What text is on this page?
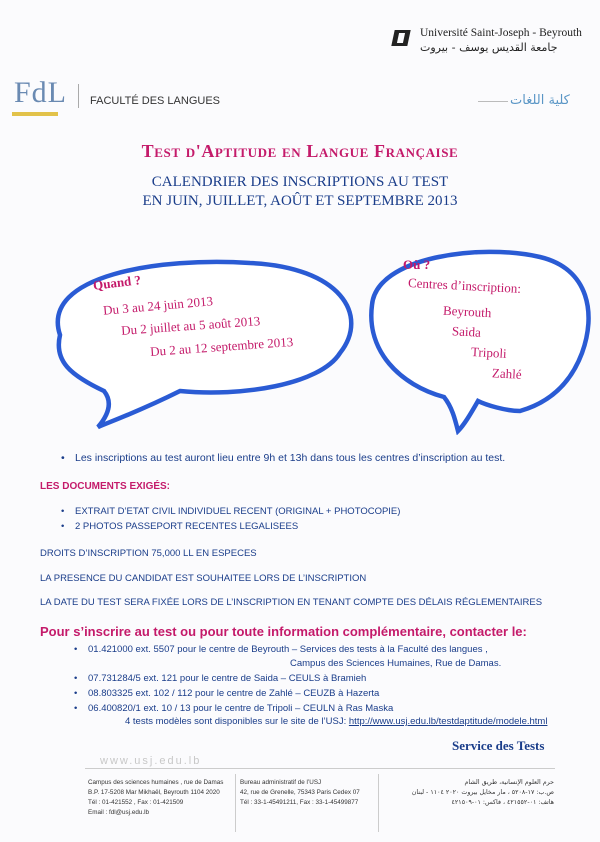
Université Saint-Joseph - Beyrouth
جامعة القديس يوسف - بيروت
FdL FACULTÉ DES LANGUES	كلية اللغات
Test d'Aptitude en Langue Française
CALENDRIER DES INSCRIPTIONS AU TEST
EN JUIN, JUILLET, AOÛT ET SEPTEMBRE 2013
Quand ?
Du 3 au 24 juin 2013
Du 2 juillet au 5 août 2013
Du 2 au 12 septembre 2013
Où ?
Centres d’inscription:
Beyrouth
Saida
Tripoli
Zahlé
• Les inscriptions au test auront lieu entre 9h et 13h dans tous les centres d’inscription au test.
LES DOCUMENTS EXIGÉS:
• EXTRAIT D’ETAT CIVIL INDIVIDUEL RECENT (ORIGINAL + PHOTOCOPIE)
• 2 PHOTOS PASSEPORT RECENTES LEGALISEES
DROITS D’INSCRIPTION 75,000 LL EN ESPECES
LA PRESENCE DU CANDIDAT EST SOUHAITEE LORS DE L’INSCRIPTION
LA DATE DU TEST SERA FIXÉE LORS DE L’INSCRIPTION EN TENANT COMPTE DES DÉLAIS RÉGLEMENTAIRES
Pour s’inscrire au test ou pour toute information complémentaire, contacter le:
• 01.421000 ext. 5507 pour le centre de Beyrouth – Services des tests à la Faculté des langues ,
Campus des Sciences Humaines, Rue de Damas.
• 07.731284/5 ext. 121 pour le centre de Saida – CEULS à Bramieh
• 08.803325 ext. 102 / 112 pour le centre de Zahlé – CEUZB à Hazerta
• 06.400820/1 ext. 10 / 13 pour le centre de Tripoli – CEULN à Ras Maska
4 tests modèles sont disponibles sur le site de l’USJ: http://www.usj.edu.lb/testdaptitude/modele.html
Service des Tests
www.usj.edu.lb
Campus des sciences humaines , rue de Damas
B.P. 17-5208 Mar Mikhaël, Beyrouth 1104 2020
Tél : 01-421552 , Fax : 01-421509
Email : fdl@usj.edu.lb
Bureau administratif de l’USJ
42, rue de Grenelle, 75343 Paris Cedex 07
Tél : 33-1-45491211, Fax : 33-1-45499877
حرم العلوم الإنسانية، طريق الشام
ص.ب: ١٧-٥٢٠٨ ، مار مخايل بيروت ٢٠٢٠ ١١٠٤ - لبنان
هاتف: ٠١-٤٢١٥٥٢ ، فاكس: ٠١-٤٢١٥٠٩
